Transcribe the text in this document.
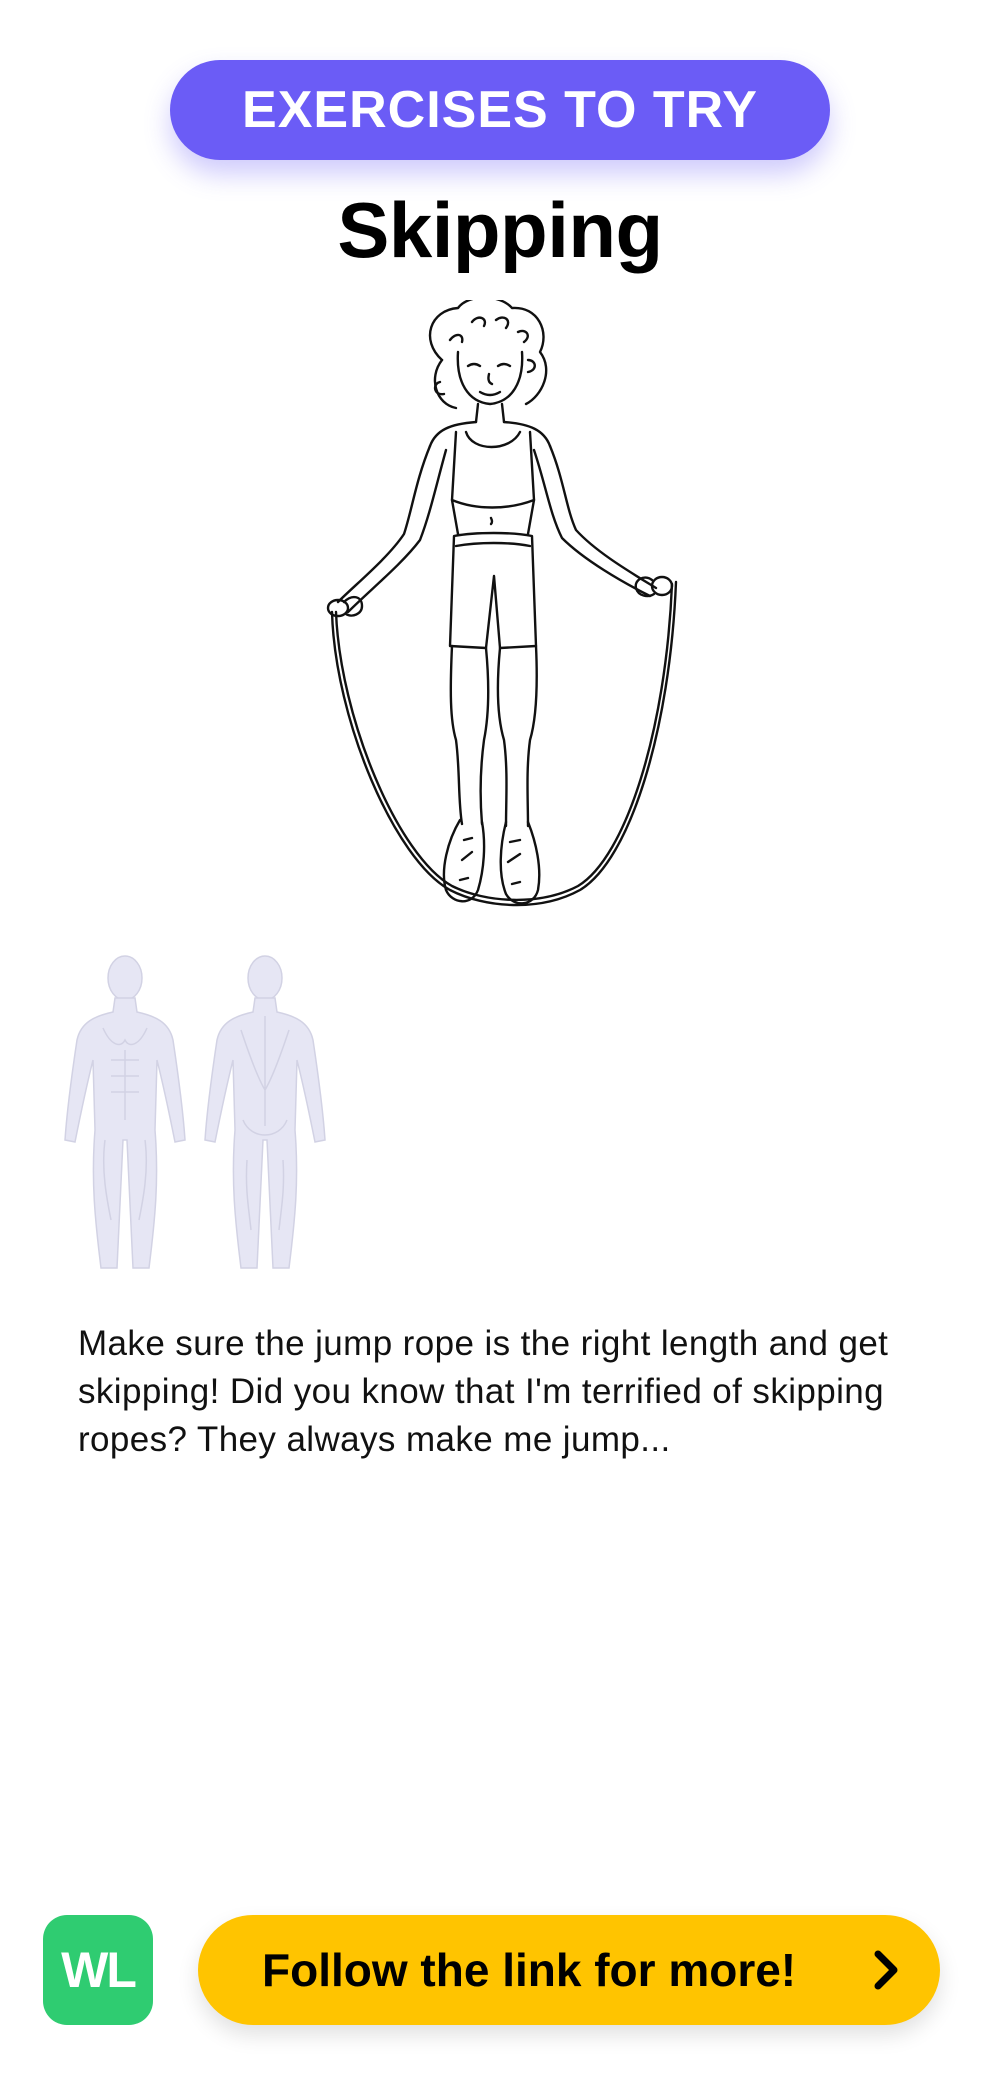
EXERCISES TO TRY
Skipping
Make sure the jump rope is the right length and get skipping! Did you know that I'm terrified of skipping ropes? They always make me jump...
WL	Follow the link for more!
